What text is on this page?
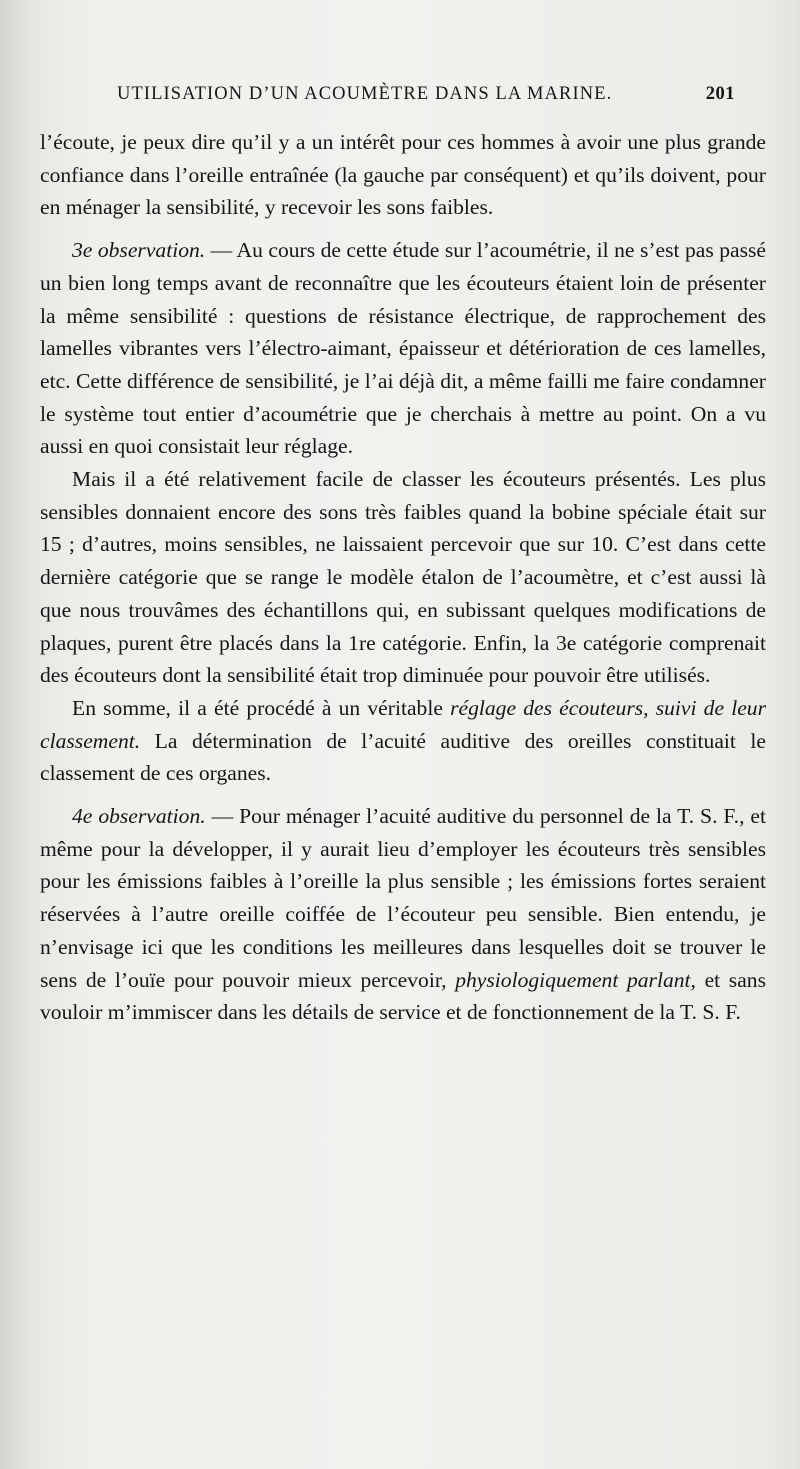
UTILISATION D’UN ACOUMÈTRE DANS LA MARINE.	201

l’écoute, je peux dire qu’il y a un intérêt pour ces hommes à avoir une plus grande confiance dans l’oreille entraînée (la gauche par conséquent) et qu’ils doivent, pour en ménager la sensibilité, y recevoir les sons faibles.

3e observation. — Au cours de cette étude sur l’acoumétrie, il ne s’est pas passé un bien long temps avant de reconnaître que les écouteurs étaient loin de présenter la même sensibilité : questions de résistance électrique, de rapprochement des lamelles vibrantes vers l’électro-aimant, épaisseur et détérioration de ces lamelles, etc. Cette différence de sensibilité, je l’ai déjà dit, a même failli me faire condamner le système tout entier d’acoumétrie que je cherchais à mettre au point. On a vu aussi en quoi consistait leur réglage.

Mais il a été relativement facile de classer les écouteurs présentés. Les plus sensibles donnaient encore des sons très faibles quand la bobine spéciale était sur 15 ; d’autres, moins sensibles, ne laissaient percevoir que sur 10. C’est dans cette dernière catégorie que se range le modèle étalon de l’acoumètre, et c’est aussi là que nous trouvâmes des échantillons qui, en subissant quelques modifications de plaques, purent être placés dans la 1re catégorie. Enfin, la 3e catégorie comprenait des écouteurs dont la sensibilité était trop diminuée pour pouvoir être utilisés.

En somme, il a été procédé à un véritable réglage des écouteurs, suivi de leur classement. La détermination de l’acuité auditive des oreilles constituait le classement de ces organes.

4e observation. — Pour ménager l’acuité auditive du personnel de la T. S. F., et même pour la développer, il y aurait lieu d’employer les écouteurs très sensibles pour les émissions faibles à l’oreille la plus sensible ; les émissions fortes seraient réservées à l’autre oreille coiffée de l’écouteur peu sensible. Bien entendu, je n’envisage ici que les conditions les meilleures dans lesquelles doit se trouver le sens de l’ouïe pour pouvoir mieux percevoir, physiologiquement parlant, et sans vouloir m’immiscer dans les détails de service et de fonctionnement de la T. S. F.
